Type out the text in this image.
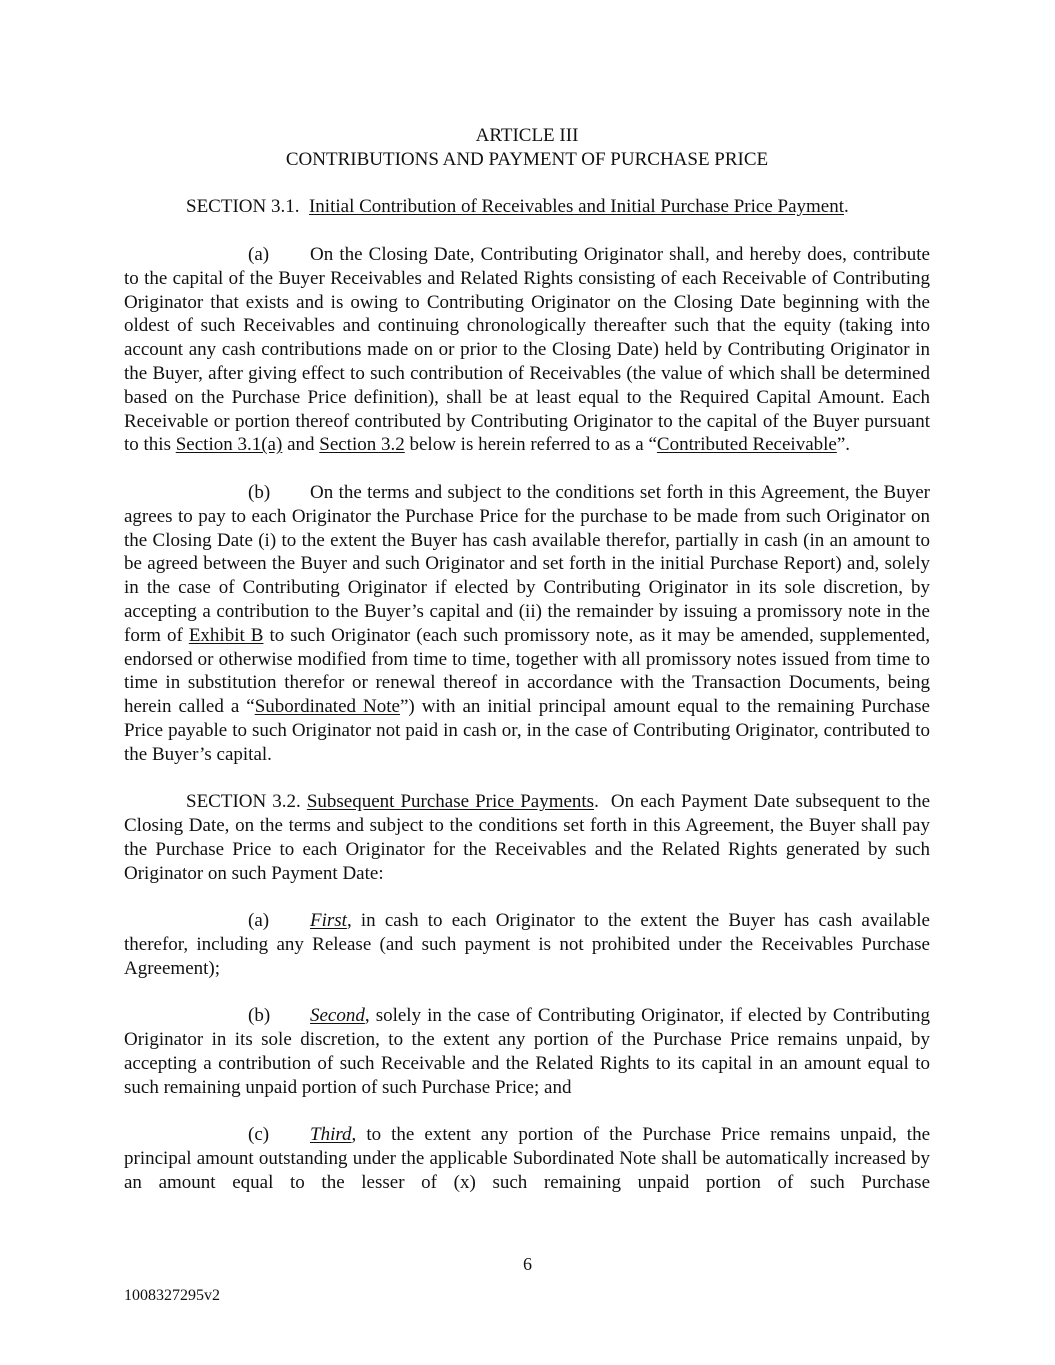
ARTICLE III
CONTRIBUTIONS AND PAYMENT OF PURCHASE PRICE

SECTION 3.1. Initial Contribution of Receivables and Initial Purchase Price Payment.

(a) On the Closing Date, Contributing Originator shall, and hereby does, contribute to the capital of the Buyer Receivables and Related Rights consisting of each Receivable of Contributing Originator that exists and is owing to Contributing Originator on the Closing Date beginning with the oldest of such Receivables and continuing chronologically thereafter such that the equity (taking into account any cash contributions made on or prior to the Closing Date) held by Contributing Originator in the Buyer, after giving effect to such contribution of Receivables (the value of which shall be determined based on the Purchase Price definition), shall be at least equal to the Required Capital Amount. Each Receivable or portion thereof contributed by Contributing Originator to the capital of the Buyer pursuant to this Section 3.1(a) and Section 3.2 below is herein referred to as a “Contributed Receivable”.

(b) On the terms and subject to the conditions set forth in this Agreement, the Buyer agrees to pay to each Originator the Purchase Price for the purchase to be made from such Originator on the Closing Date (i) to the extent the Buyer has cash available therefor, partially in cash (in an amount to be agreed between the Buyer and such Originator and set forth in the initial Purchase Report) and, solely in the case of Contributing Originator if elected by Contributing Originator in its sole discretion, by accepting a contribution to the Buyer’s capital and (ii) the remainder by issuing a promissory note in the form of Exhibit B to such Originator (each such promissory note, as it may be amended, supplemented, endorsed or otherwise modified from time to time, together with all promissory notes issued from time to time in substitution therefor or renewal thereof in accordance with the Transaction Documents, being herein called a “Subordinated Note”) with an initial principal amount equal to the remaining Purchase Price payable to such Originator not paid in cash or, in the case of Contributing Originator, contributed to the Buyer’s capital.

SECTION 3.2. Subsequent Purchase Price Payments.  On each Payment Date subsequent to the Closing Date, on the terms and subject to the conditions set forth in this Agreement, the Buyer shall pay the Purchase Price to each Originator for the Receivables and the Related Rights generated by such Originator on such Payment Date:

(a) First, in cash to each Originator to the extent the Buyer has cash available therefor, including any Release (and such payment is not prohibited under the Receivables Purchase Agreement);

(b) Second, solely in the case of Contributing Originator, if elected by Contributing Originator in its sole discretion, to the extent any portion of the Purchase Price remains unpaid, by accepting a contribution of such Receivable and the Related Rights to its capital in an amount equal to such remaining unpaid portion of such Purchase Price; and

(c) Third, to the extent any portion of the Purchase Price remains unpaid, the principal amount outstanding under the applicable Subordinated Note shall be automatically increased by an amount equal to the lesser of (x) such remaining unpaid portion of such Purchase

6
1008327295v2
